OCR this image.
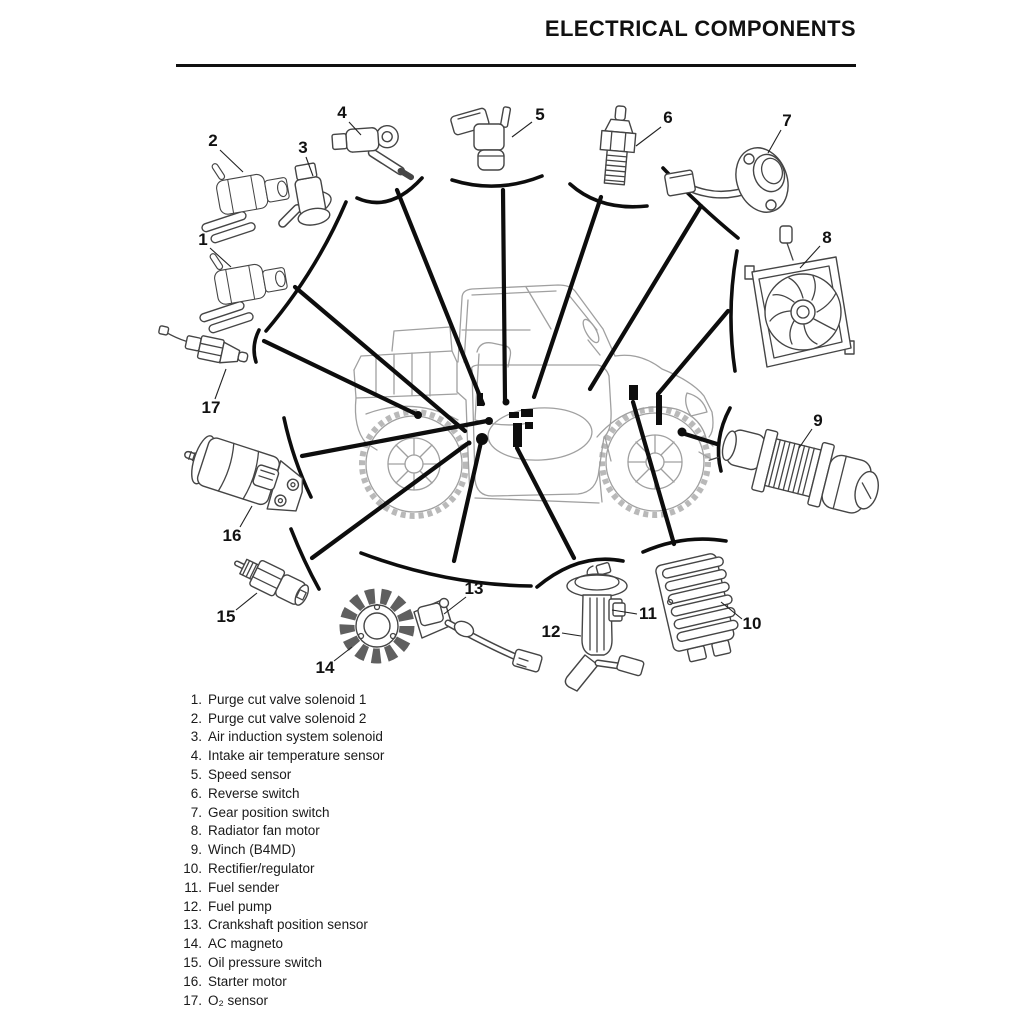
ELECTRICAL COMPONENTS
1
2	3
4	5	6	7
8
9
10
11
12
13
14
15
16
17
1. Purge cut valve solenoid 1
2. Purge cut valve solenoid 2
3. Air induction system solenoid
4. Intake air temperature sensor
5. Speed sensor
6. Reverse switch
7. Gear position switch
8. Radiator fan motor
9. Winch (B4MD)
10. Rectifier/regulator
11. Fuel sender
12. Fuel pump
13. Crankshaft position sensor
14. AC magneto
15. Oil pressure switch
16. Starter motor
17. O₂ sensor
